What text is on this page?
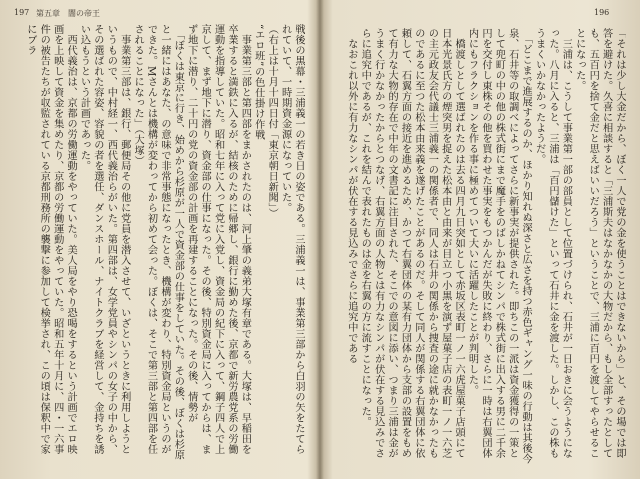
197 第五章　闇の帝王
戦後の黒幕・三浦義一の若き日の姿である。三浦義一は、事業第三部から白羽の矢をたてられていて、一時期資金源になっていた。
（右上は十月十四日付「東京朝日新聞」）
“エロ班”の色仕掛け作戦
　事業第三部と第四部をまかされたのは、河上肇の義弟大塚有章である。大塚は、早稲田を卒業すると満鉄に入るが、結核のために帰郷し、銀行に勤めた後、京都で新労農党系の労働運動を指導していた。昭和七年に入って党に入党し、資金局の紀下に入って、鋼子四人で上京して、まず地下に潜り、資金部の仕事になった。その後、特別資金局に入ってからは、まず地下に潜り、二十円の党の資金部の計画を再建することになった。その後、情勢が
　「ぼくは東京に行き、始めから杉原が一人で資金部の仕事をしていた。その後、ぼくは杉原と一緒にはあなた、の意味で非常事態になったとき、機構が変わり、特別資金局というのができた。Mさんとは機構が変わってから初めて会った。ぼくは、そこで第三部と第四部を任されることになった」（大塚）
　事業第三部は、銀行、郵便局その他に党員を潜入させて、いざというときに利用しようというもので、中村経一、西代義治らがいた。第四部は、女学党員やシンパの女子の中から、その選ばれた容姿、容貌の者を選任、ダンスホール、ナイトクラブを経営して、金持ちを誘い込もうという計画であった。
　西代義治は、京都の労働運動をやっていた。美人局をやり恐喝をするという計画でエロ映画を上映して資金を集めたり、京都の労働運動をやっていた。昭和五年十月に、四・一六事件の被告たちが収監されている京都刑務所の襲撃に参加して検挙され、この頃は保釈中で家にブラ
196
「それは少し大金だから、ぼく一人で党の金を使うことはできないから」と、その場では即答を避けた。久喜に相談すると「三浦斯夫はなかなかの大物だから、もし全部すったとしても、五百円を捨て金だと思えばいいだろう」ということで、三浦に百円を渡してやらせることになった。
　三浦は、こうして事業第一部の部員として位置づけられ、石井が一日おきに会うようになった。八月に入ると、三浦は「百円儲けた」といって石井に金を渡した。しかし、この株もうまくいかなかったようだ。
　「どこまで進展するのか、ほかり知れぬ深さと広さを持つ赤色ギャング一味の行動は其後今泉、石井等の取調べによってさらに新事実が提供された。即ちこの一派は資金獲得の一策として兜町の中の他の株式街にまで魔手をのばしかねてシンパで株式街に出入する男に二千余円を交付し東株その他を買わせた事実をもつかんだが失敗に終わり、さらに一時は右翼団体内にもフラクションを作る事に極めてついて大いに活躍したことが判明した。
　橋渡しとして選ばれたのは去る四月九日突如として赤坂区表町一ノ一六虎屋菓子店頭にて日本光景氏方の煙突男を捉えた松本由と由来が目立つ小黒を演ず屋菓子店の表町一ノ一六芝の主元政友会代議士三浦義一の関係者で、同人は石井の関係から捜査の途に就かなかったものであるに至つた松本由来義を遂げたことがあるのだ。そして同人が関係する右翼団体に依頼して、石翼方面の接近を進めるため、かつて右翼団体の某有力団体から支部の設置をもめて有力な大物的存在で中年の文書記に注目された、そこでの意図に添い、つまり三浦は金がうまく行かなかったからとつなげ、右翼方面の人物とは有力なシンパが伏在する見込みでさらに追究中であるが、これを結んで表れたものは金を右翼の方に流すことになった。
　なおこれ以外に有力なシンパが伏在する見込みでさらに追究中である
